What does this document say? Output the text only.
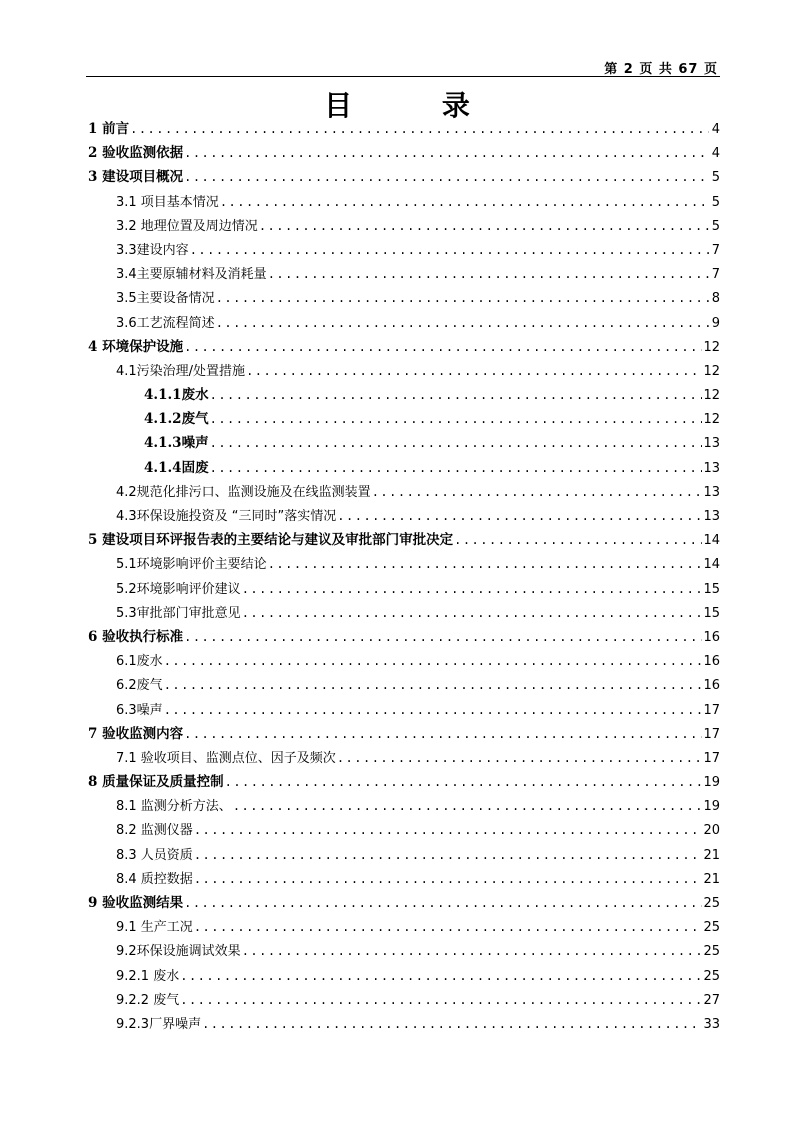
第 2 页 共 67 页
目 录
1 前言 .....	4
2 验收监测依据 .....	4
3 建设项目概况 .....	5
3.1 项目基本情况 .....	5
3.2 地理位置及周边情况 .....	5
3.3建设内容 .....	7
3.4主要原辅材料及消耗量 .....	7
3.5主要设备情况 .....	8
3.6工艺流程简述 .....	9
4 环境保护设施 .....	12
4.1污染治理/处置措施 .....	12
4.1.1废水 .....	12
4.1.2废气 .....	12
4.1.3噪声 .....	13
4.1.4固废 .....	13
4.2规范化排污口、监测设施及在线监测装置 .....	13
4.3环保设施投资及 “三同时”落实情况 .....	13
5 建设项目环评报告表的主要结论与建议及审批部门审批决定 .....	14
5.1环境影响评价主要结论 .....	14
5.2环境影响评价建议 .....	15
5.3审批部门审批意见 .....	15
6 验收执行标准 .....	16
6.1废水 .....	16
6.2废气 .....	16
6.3噪声 .....	17
7 验收监测内容 .....	17
7.1 验收项目、监测点位、因子及频次 .....	17
8 质量保证及质量控制 .....	19
8.1 监测分析方法、 .....	19
8.2 监测仪器 .....	20
8.3 人员资质 .....	21
8.4 质控数据 .....	21
9 验收监测结果 .....	25
9.1 生产工况 .....	25
9.2环保设施调试效果 .....	25
9.2.1 废水 .....	25
9.2.2 废气 .....	27
9.2.3厂界噪声 .....	33
